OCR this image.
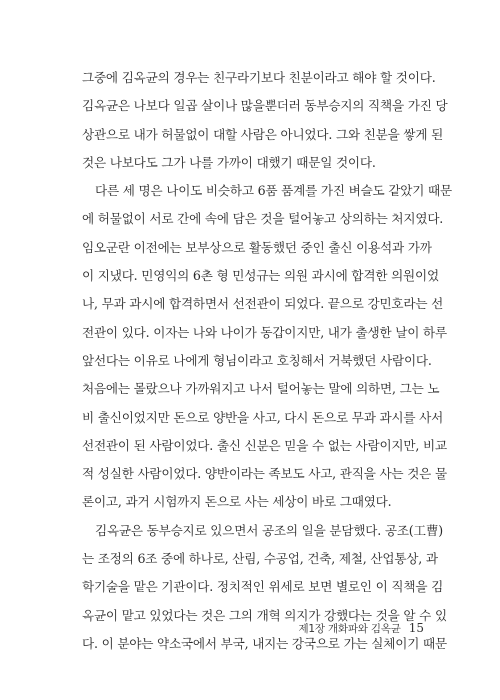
그중에 김옥균의 경우는 친구라기보다 친분이라고 해야 할 것이다.
김옥균은 나보다 일곱 살이나 많을뿐더러 동부승지의 직책을 가진 당
상관으로 내가 허물없이 대할 사람은 아니었다. 그와 친분을 쌓게 된
것은 나보다도 그가 나를 가까이 대했기 때문일 것이다.
다른 세 명은 나이도 비슷하고 6품 품계를 가진 벼슬도 같았기 때문
에 허물없이 서로 간에 속에 담은 것을 털어놓고 상의하는 처지였다.
임오군란 이전에는 보부상으로 활동했던 중인 출신 이용석과 가까
이 지냈다. 민영익의 6촌 형 민성규는 의원 과시에 합격한 의원이었
나, 무과 과시에 합격하면서 선전관이 되었다. 끝으로 강민호라는 선
전관이 있다. 이자는 나와 나이가 동갑이지만, 내가 출생한 날이 하루
앞선다는 이유로 나에게 형님이라고 호칭해서 거북했던 사람이다.
처음에는 몰랐으나 가까워지고 나서 털어놓는 말에 의하면, 그는 노
비 출신이었지만 돈으로 양반을 사고, 다시 돈으로 무과 과시를 사서
선전관이 된 사람이었다. 출신 신분은 믿을 수 없는 사람이지만, 비교
적 성실한 사람이었다. 양반이라는 족보도 사고, 관직을 사는 것은 물
론이고, 과거 시험까지 돈으로 사는 세상이 바로 그때였다.
김옥균은 동부승지로 있으면서 공조의 일을 분담했다. 공조(工曹)
는 조정의 6조 중에 하나로, 산림, 수공업, 건축, 제철, 산업통상, 과
학기술을 맡은 기관이다. 정치적인 위세로 보면 별로인 이 직책을 김
옥균이 맡고 있었다는 것은 그의 개혁 의지가 강했다는 것을 알 수 있
다. 이 분야는 약소국에서 부국, 내지는 강국으로 가는 실체이기 때문
제1장 개화파와 김옥균 15
